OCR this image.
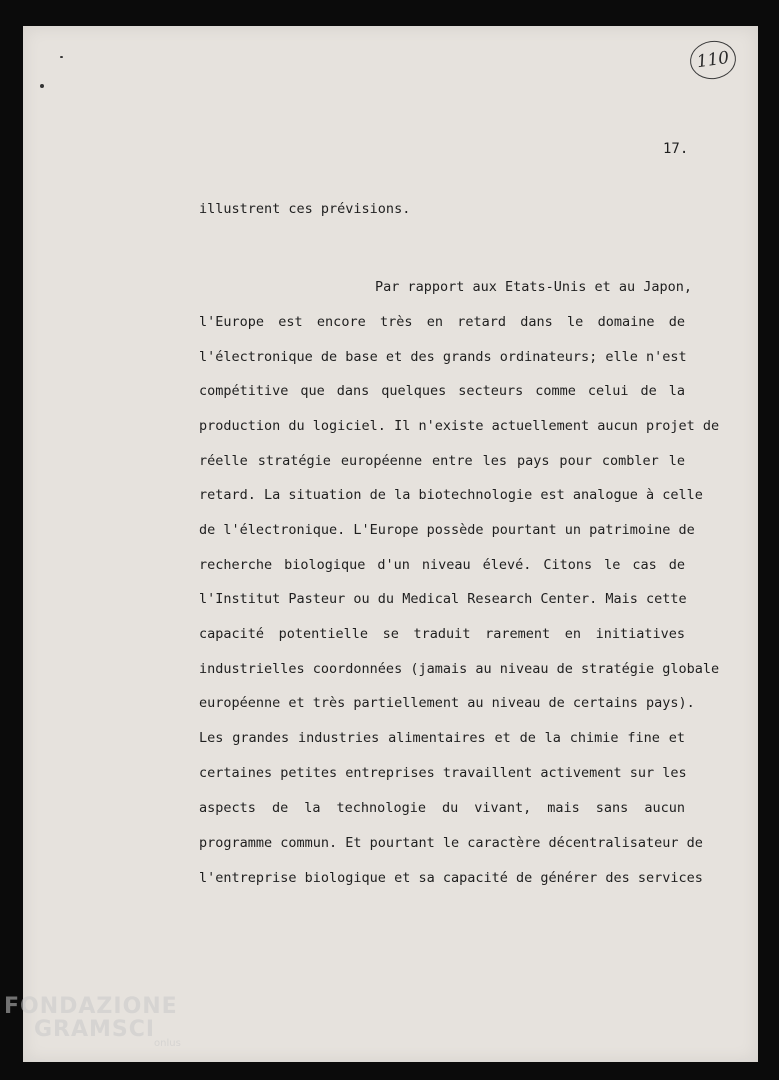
110
17.
illustrent ces prévisions.
Par rapport aux Etats-Unis et au Japon,
l'Europe est encore très en retard dans le domaine de
l'électronique de base et des grands ordinateurs; elle n'est
compétitive que dans quelques secteurs comme celui de la
production du logiciel. Il n'existe actuellement aucun projet de
réelle stratégie européenne entre les pays pour combler le
retard. La situation de la biotechnologie est analogue à celle
de l'électronique. L'Europe possède pourtant un patrimoine de
recherche biologique d'un niveau élevé. Citons le cas de
l'Institut Pasteur ou du Medical Research Center. Mais cette
capacité potentielle se traduit rarement en initiatives
industrielles coordonnées (jamais au niveau de stratégie globale
européenne et très partiellement au niveau de certains pays).
Les grandes industries alimentaires et de la chimie fine et
certaines petites entreprises travaillent activement sur les
aspects de la technologie du vivant, mais sans aucun
programme commun. Et pourtant le caractère décentralisateur de
l'entreprise biologique et sa capacité de générer des services
FONDAZIONE
GRAMSCI
onlus
